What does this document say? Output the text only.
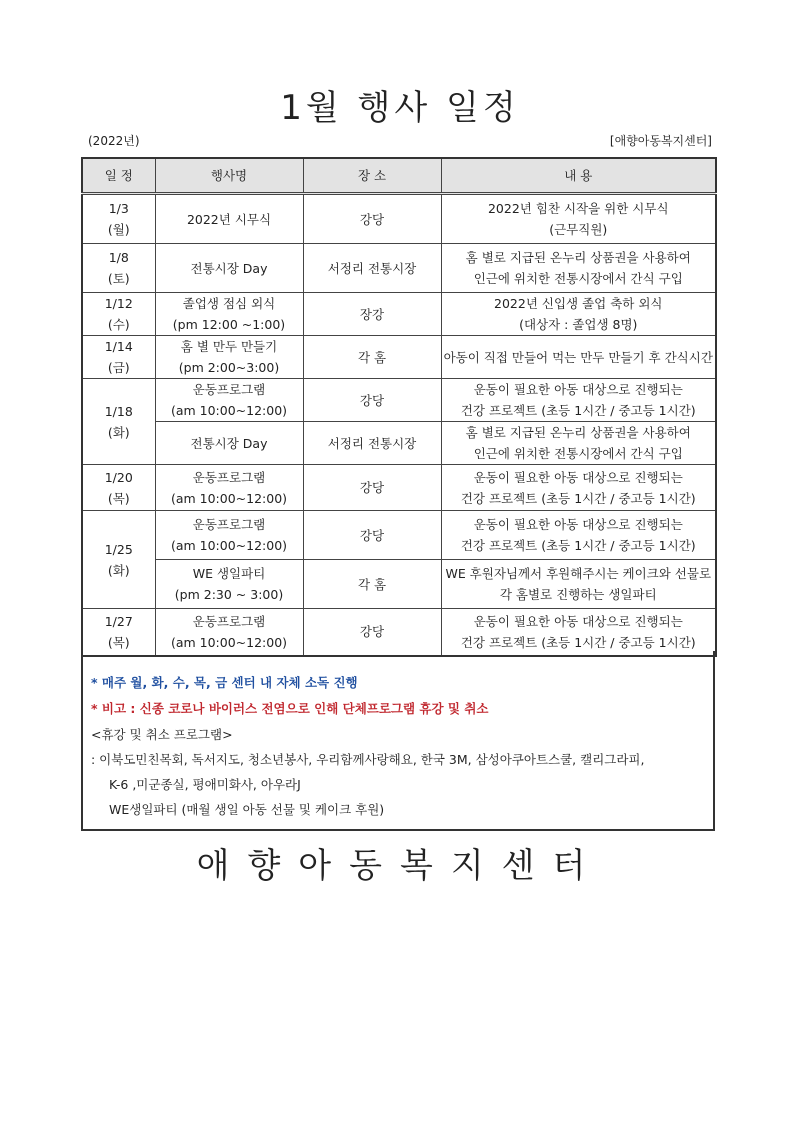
1월 행사 일정
(2022년)	[애향아동복지센터]
일 정	행사명	장 소	내 용

1/3
(월)	2022년 시무식	강당	2022년 힘찬 시작을 위한 시무식
(근무직원)

1/8
(토)	전통시장 Day	서정리 전통시장	홈 별로 지급된 온누리 상품권을 사용하여
인근에 위치한 전통시장에서 간식 구입

1/12
(수)	졸업생 점심 외식
(pm 12:00 ~1:00)	장강	2022년 신입생 졸업 축하 외식
(대상자 : 졸업생 8명)

1/14
(금)	홈 별 만두 만들기
(pm 2:00~3:00)	각 홈	아동이 직접 만들어 먹는 만두 만들기 후 간식시간

1/18
(화)	운동프로그램
(am 10:00~12:00)	강당	운동이 필요한 아동 대상으로 진행되는
건강 프로젝트 (초등 1시간 / 중고등 1시간)

	전통시장 Day	서정리 전통시장	홈 별로 지급된 온누리 상품권을 사용하여
인근에 위치한 전통시장에서 간식 구입

1/20
(목)	운동프로그램
(am 10:00~12:00)	강당	운동이 필요한 아동 대상으로 진행되는
건강 프로젝트 (초등 1시간 / 중고등 1시간)

1/25
(화)	운동프로그램
(am 10:00~12:00)	강당	운동이 필요한 아동 대상으로 진행되는
건강 프로젝트 (초등 1시간 / 중고등 1시간)

	WE 생일파티
(pm 2:30 ~ 3:00)	각 홈	WE 후원자님께서 후원해주시는 케이크와 선물로
각 홈별로 진행하는 생일파티

1/27
(목)	운동프로그램
(am 10:00~12:00)	강당	운동이 필요한 아동 대상으로 진행되는
건강 프로젝트 (초등 1시간 / 중고등 1시간)
* 매주 월, 화, 수, 목, 금 센터 내 자체 소독 진행
* 비고 : 신종 코로나 바이러스 전염으로 인해 단체프로그램 휴강 및 취소
<휴강 및 취소 프로그램>
: 이북도민친목회, 독서지도, 청소년봉사, 우리함께사랑해요, 한국 3M, 삼성아쿠아트스쿨, 캘리그라피,
K-6 ,미군종실, 평애미화사, 아우라J
WE생일파티 (매월 생일 아동 선물 및 케이크 후원)
애향아동복지센터
